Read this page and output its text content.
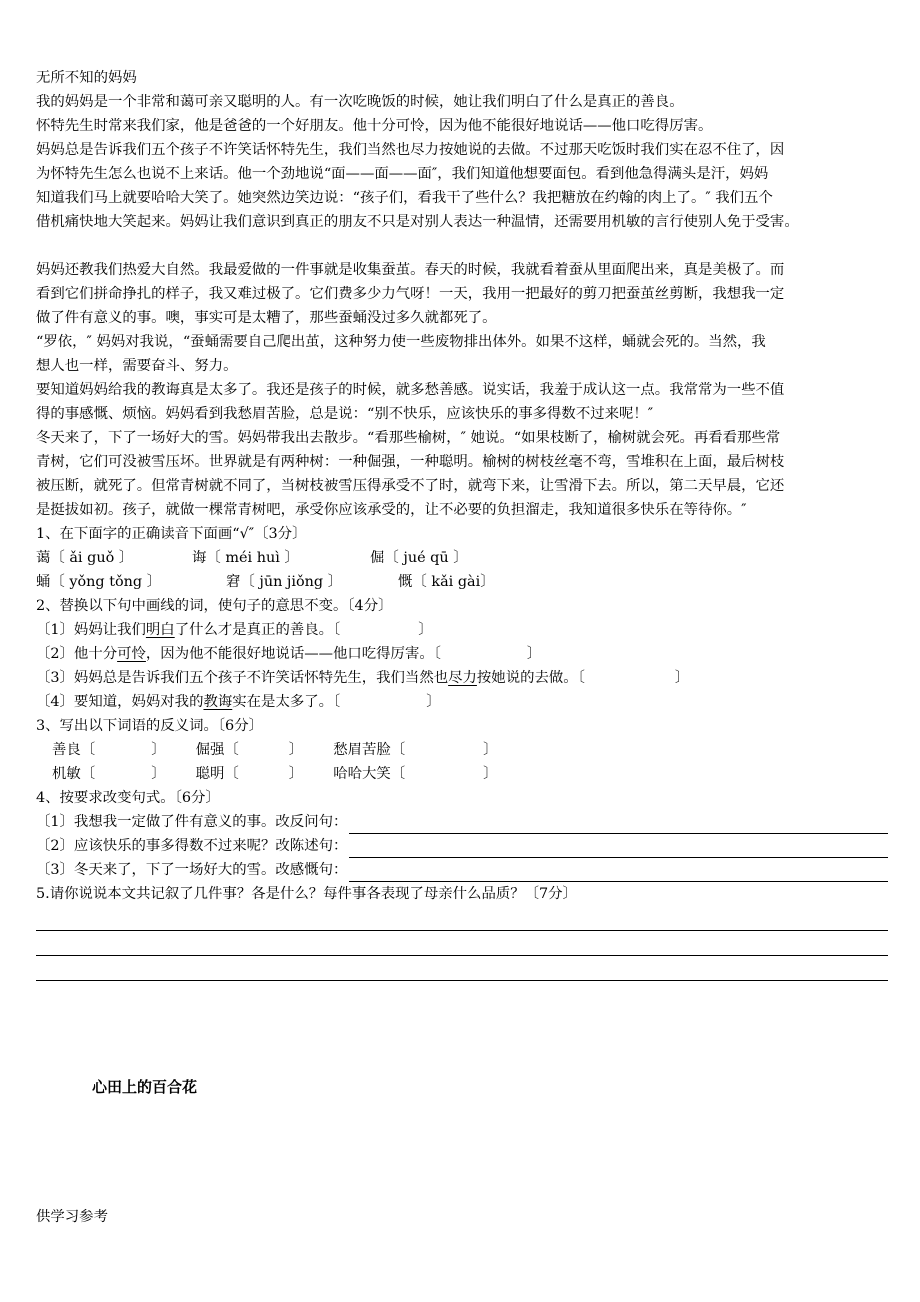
无所不知的妈妈
我的妈妈是一个非常和蔼可亲又聪明的人。有一次吃晚饭的时候，她让我们明白了什么是真正的善良。
怀特先生时常来我们家，他是爸爸的一个好朋友。他十分可怜，因为他不能很好地说话——他口吃得厉害。
妈妈总是告诉我们五个孩子不许笑话怀特先生，我们当然也尽力按她说的去做。不过那天吃饭时我们实在忍不住了，因
为怀特先生怎么也说不上来话。他一个劲地说“面——面——面″，我们知道他想要面包。看到他急得满头是汗，妈妈
知道我们马上就要哈哈大笑了。她突然边笑边说：“孩子们，看我干了些什么？我把糖放在约翰的肉上了。″ 我们五个
借机痛快地大笑起来。妈妈让我们意识到真正的朋友不只是对别人表达一种温情，还需要用机敏的言行使别人免于受害。
妈妈还教我们热爱大自然。我最爱做的一件事就是收集蚕茧。春天的时候，我就看着蚕从里面爬出来，真是美极了。而
看到它们拼命挣扎的样子，我又难过极了。它们费多少力气呀！一天，我用一把最好的剪刀把蚕茧丝剪断，我想我一定
做了件有意义的事。噢，事实可是太糟了，那些蚕蛹没过多久就都死了。
“罗依，″ 妈妈对我说，“蚕蛹需要自己爬出茧，这种努力使一些废物排出体外。如果不这样，蛹就会死的。当然，我
想人也一样，需要奋斗、努力。
要知道妈妈给我的教诲真是太多了。我还是孩子的时候，就多愁善感。说实话，我羞于成认这一点。我常常为一些不值
得的事感慨、烦恼。妈妈看到我愁眉苦脸，总是说：“别不快乐，应该快乐的事多得数不过来呢！″
冬天来了，下了一场好大的雪。妈妈带我出去散步。“看那些榆树，″ 她说。“如果枝断了，榆树就会死。再看看那些常
青树，它们可没被雪压坏。世界就是有两种树：一种倔强，一种聪明。榆树的树枝丝毫不弯，雪堆积在上面，最后树枝
被压断，就死了。但常青树就不同了，当树枝被雪压得承受不了时，就弯下来，让雪滑下去。所以，第二天早晨，它还
是挺拔如初。孩子，就做一棵常青树吧，承受你应该承受的，让不必要的负担溜走，我知道很多快乐在等待你。″
1、在下面字的正确读音下面画“√″〔3分〕
蔼〔 ǎi guǒ 〕	诲〔 méi huì 〕	倔〔 jué qū 〕
蛹〔 yǒng tǒng 〕	窘〔 jūn jiǒng 〕	慨〔 kǎi gài〕
2、替换以下句中画线的词，使句子的意思不变。〔4分〕
〔1〕妈妈让我们明白了什么才是真正的善良。〔	〕
〔2〕他十分可怜，因为他不能很好地说话——他口吃得厉害。〔	〕
〔3〕妈妈总是告诉我们五个孩子不许笑话怀特先生，我们当然也尽力按她说的去做。〔	〕
〔4〕要知道，妈妈对我的教诲实在是太多了。〔	〕
3、写出以下词语的反义词。〔6分〕
善良〔	〕 倔强〔	〕 愁眉苦脸〔	〕
机敏〔	〕 聪明〔	〕 哈哈大笑〔	〕
4、按要求改变句式。〔6分〕
〔1〕我想我一定做了件有意义的事。改反问句：
〔2〕应该快乐的事多得数不过来呢？改陈述句：
〔3〕冬天来了，下了一场好大的雪。改感慨句：
5.请你说说本文共记叙了几件事？各是什么？每件事各表现了母亲什么品质？〔7分〕
心田上的百合花
供学习参考
